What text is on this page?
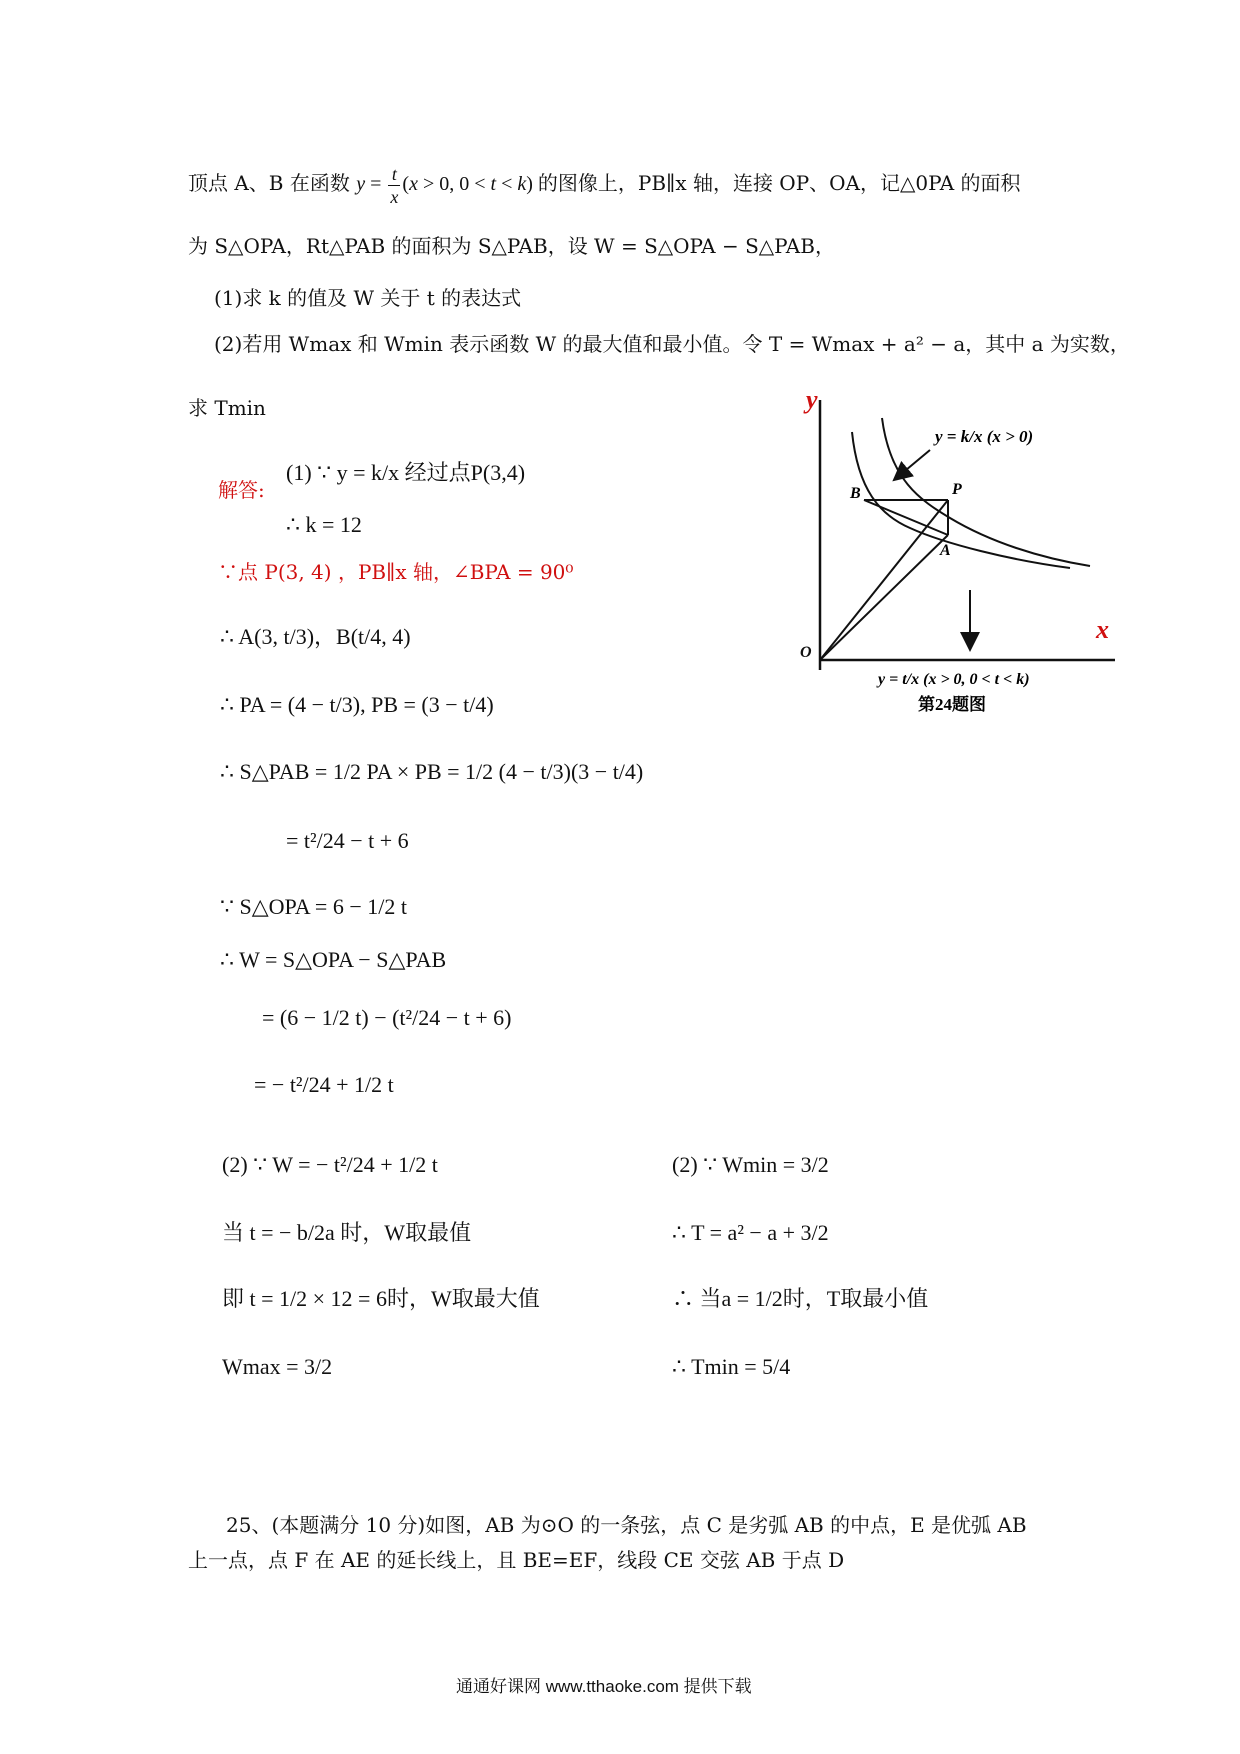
顶点 A、B 在函数 $y = \frac{t}{x} (x > 0$, 0 < t < k) 的图像上，PB∥x 轴，连接 OP、OA，记△0PA 的面积
为 S△OPA，Rt△PAB 的面积为 S△PAB，设 W = S△OPA − S△PAB，
(1)求 k 的值及 W 关于 t 的表达式
(2)若用 Wmax 和 Wmin 表示函数 W 的最大值和最小值。令 T = Wmax + a² − a，其中 a 为实数，
求 Tmin
解答:
(1) ∵ y = k/x 经过点P(3,4)
∴ k = 12
∵点 P(3, 4) ，PB∥x 轴，∠BPA = 90⁰
∴ A(3, t/3)，B(t/4, 4)
∴ PA = (4 − t/3), PB = (3 − t/4)
∴ S△PAB = 1/2 PA × PB = 1/2 (4 − t/3)(3 − t/4)
= t²/24 − t + 6
∵ S△OPA = 6 − 1/2 t
∴ W = S△OPA − S△PAB
= (6 − 1/2 t) − (t²/24 − t + 6)
= − t²/24 + 1/2 t
(2) ∵ W = − t²/24 + 1/2 t
当 t = − b/2a 时，W取最值
即 t = 1/2 × 12 = 6时，W取最大值
Wmax = 3/2
(2) ∵ Wmin = 3/2
∴ T = a² − a + 3/2
∴ 当a = 1/2时，T取最小值
∴ Tmin = 5/4
y
x
O
B	P
A
y = k/x (x > 0)
y = t/x (x > 0, 0 < t < k)
第24题图
25、(本题满分 10 分)如图，AB 为⊙O 的一条弦，点 C 是劣弧 AB 的中点，E 是优弧 AB
上一点，点 F 在 AE 的延长线上，且 BE=EF，线段 CE 交弦 AB 于点 D
通通好课网 www.tthaoke.com 提供下载
